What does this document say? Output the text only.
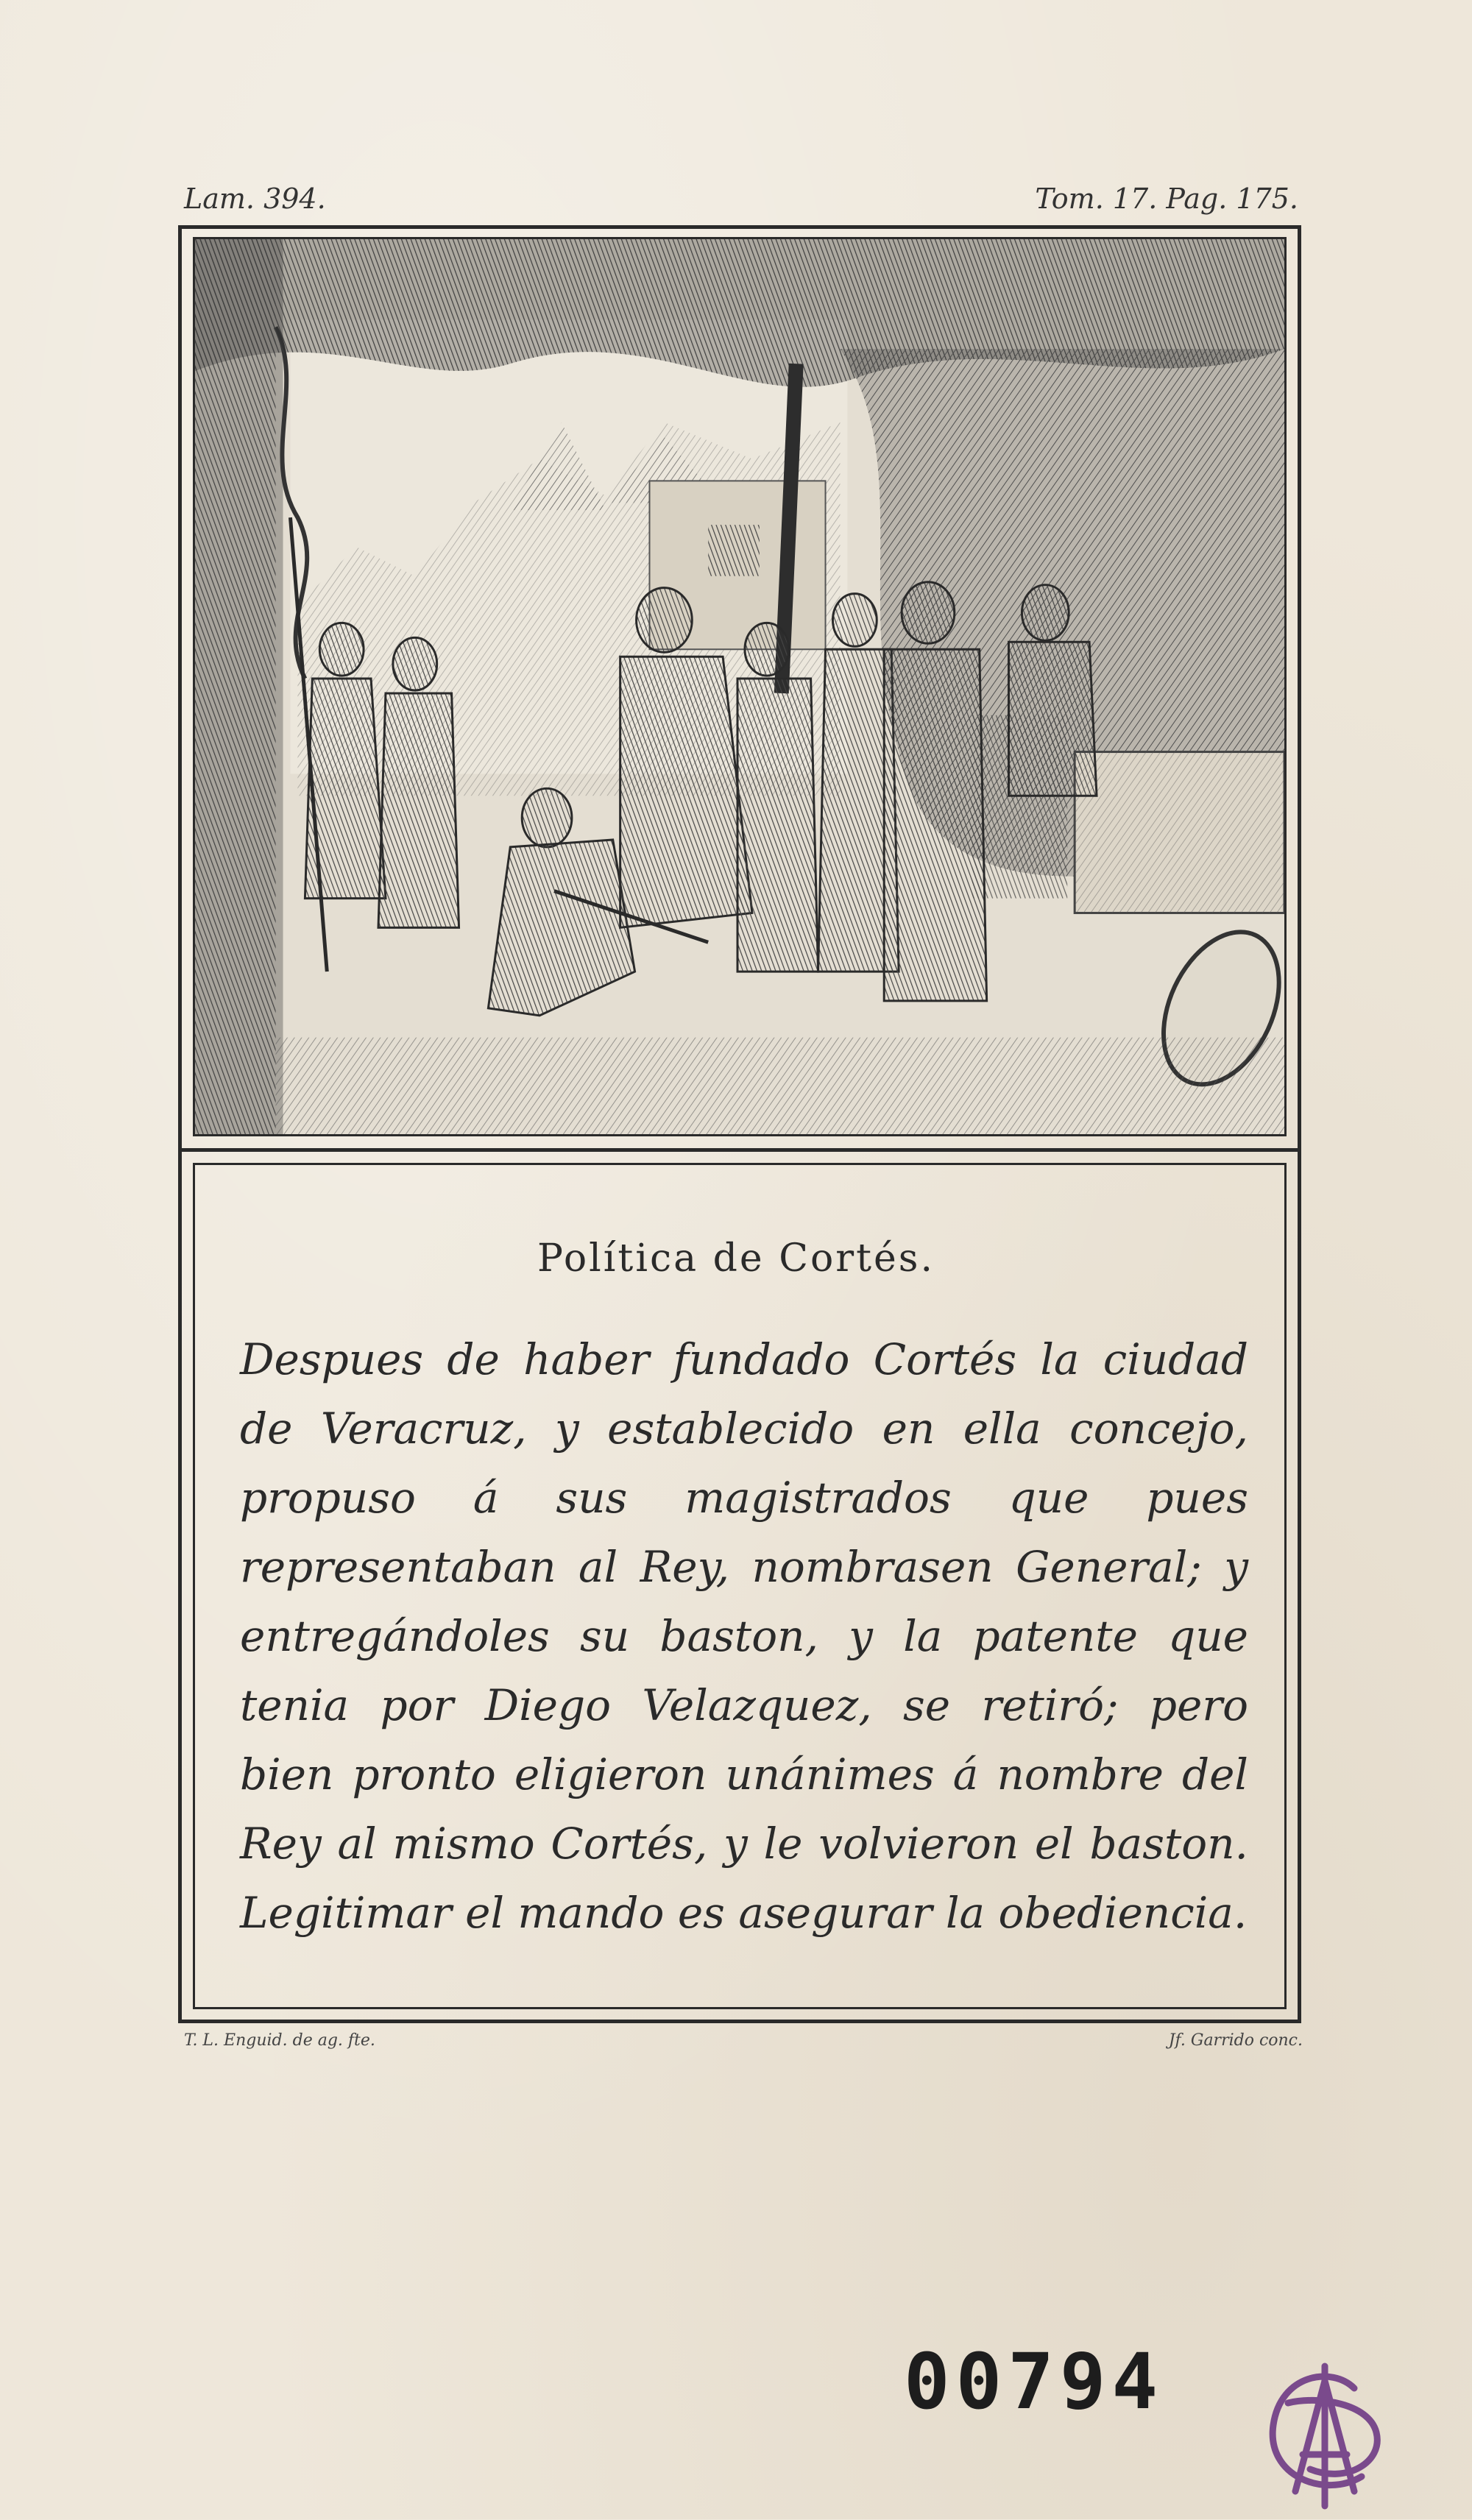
Lam. 394.	Tom. 17. Pag. 175.
Política de Cortés.
Despues de haber fundado Cortés la ciudad de Veracruz, y establecido en ella concejo, propuso á sus magistrados que pues representaban al Rey, nombrasen General; y entregándoles su baston, y la patente que tenia por Diego Velazquez, se retiró; pero bien pronto eligieron unánimes á nombre del Rey al mismo Cortés, y le volvieron el baston. Legitimar el mando es asegurar la obediencia.
T. L. Enguid. de ag. fte.	Jf. Garrido conc.
00794
